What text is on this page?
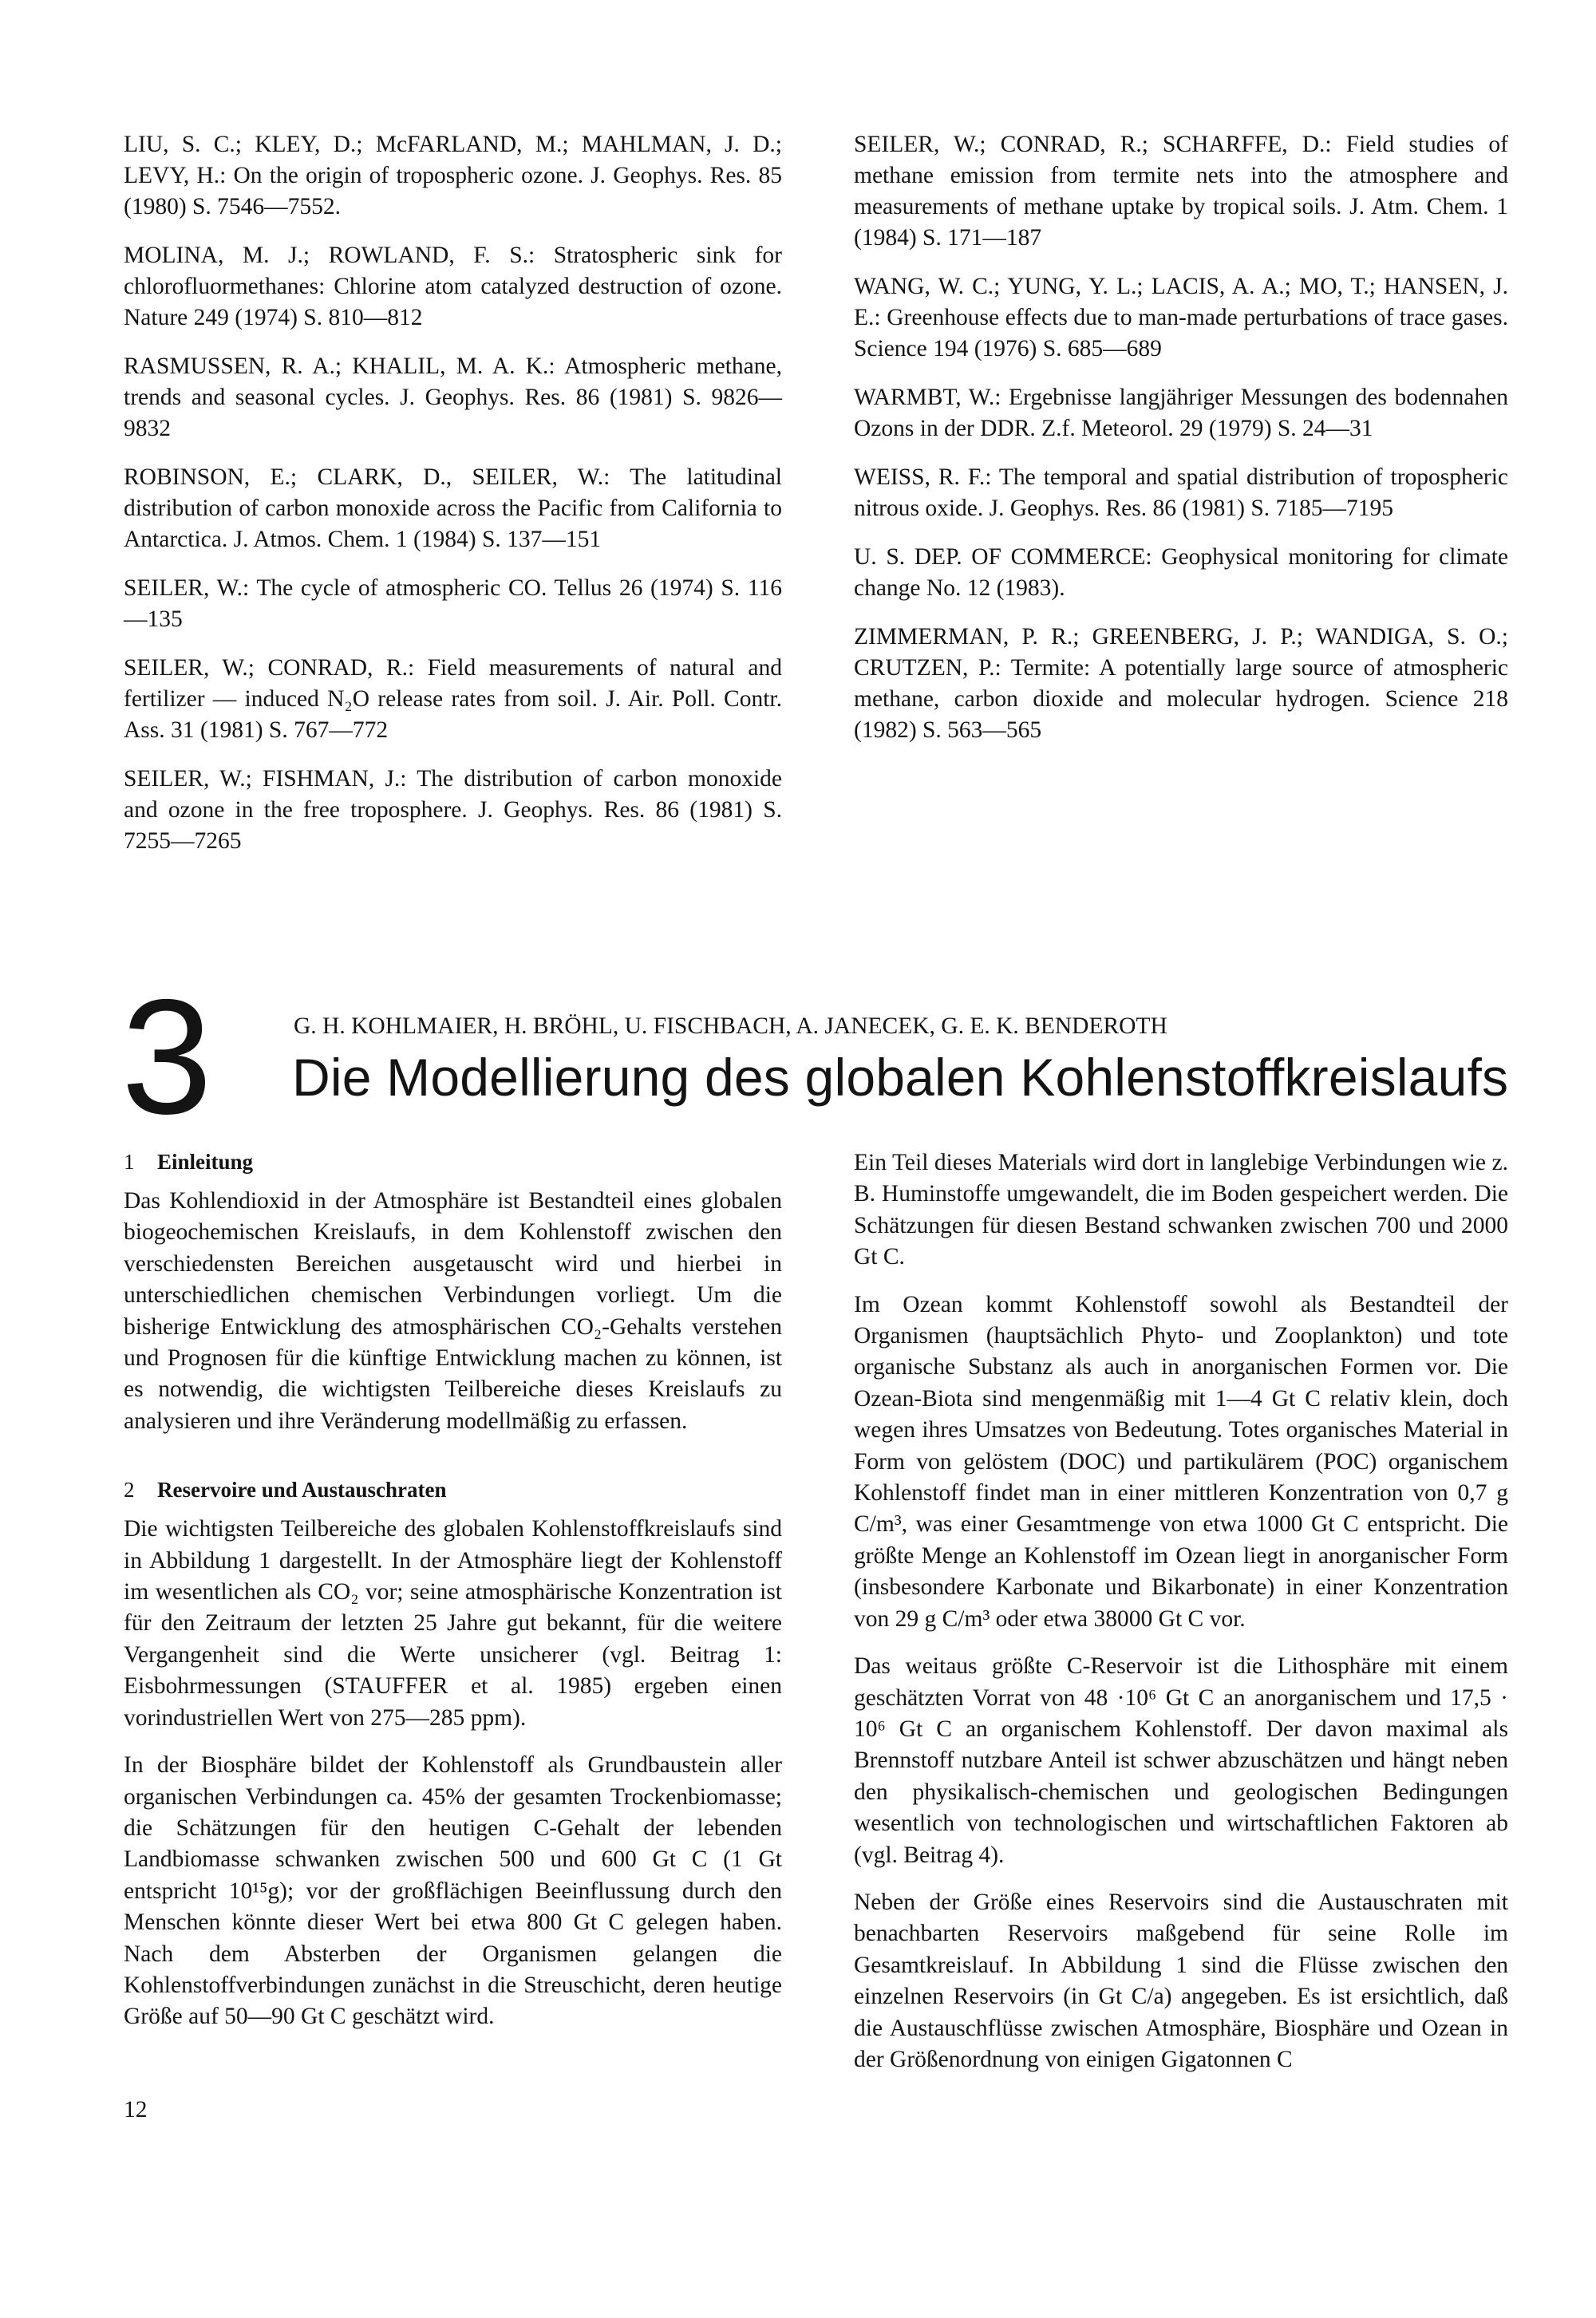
LIU, S. C.; KLEY, D.; McFARLAND, M.; MAHLMAN, J. D.; LEVY, H.: On the origin of tropospheric ozone. J. Geophys. Res. 85 (1980) S. 7546—7552.

MOLINA, M. J.; ROWLAND, F. S.: Stratospheric sink for chlorofluormethanes: Chlorine atom catalyzed destruction of ozone. Nature 249 (1974) S. 810—812

RASMUSSEN, R. A.; KHALIL, M. A. K.: Atmospheric methane, trends and seasonal cycles. J. Geophys. Res. 86 (1981) S. 9826—9832

ROBINSON, E.; CLARK, D., SEILER, W.: The latitudinal distribution of carbon monoxide across the Pacific from California to Antarctica. J. Atmos. Chem. 1 (1984) S. 137—151

SEILER, W.: The cycle of atmospheric CO. Tellus 26 (1974) S. 116—135

SEILER, W.; CONRAD, R.: Field measurements of natural and fertilizer — induced N₂O release rates from soil. J. Air. Poll. Contr. Ass. 31 (1981) S. 767—772

SEILER, W.; FISHMAN, J.: The distribution of carbon monoxide and ozone in the free troposphere. J. Geophys. Res. 86 (1981) S. 7255—7265

SEILER, W.; CONRAD, R.; SCHARFFE, D.: Field studies of methane emission from termite nets into the atmosphere and measurements of methane uptake by tropical soils. J. Atm. Chem. 1 (1984) S. 171—187

WANG, W. C.; YUNG, Y. L.; LACIS, A. A.; MO, T.; HANSEN, J. E.: Greenhouse effects due to man-made perturbations of trace gases. Science 194 (1976) S. 685—689

WARMBT, W.: Ergebnisse langjähriger Messungen des bodennahen Ozons in der DDR. Z.f. Meteorol. 29 (1979) S. 24—31

WEISS, R. F.: The temporal and spatial distribution of tropospheric nitrous oxide. J. Geophys. Res. 86 (1981) S. 7185—7195

U. S. DEP. OF COMMERCE: Geophysical monitoring for climate change No. 12 (1983).

ZIMMERMAN, P. R.; GREENBERG, J. P.; WANDIGA, S. O.; CRUTZEN, P.: Termite: A potentially large source of atmospheric methane, carbon dioxide and molecular hydrogen. Science 218 (1982) S. 563—565

3	G. H. KOHLMAIER, H. BRÖHL, U. FISCHBACH, A. JANECEK, G. E. K. BENDEROTH
Die Modellierung des globalen Kohlenstoffkreislaufs
1 Einleitung

Das Kohlendioxid in der Atmosphäre ist Bestandteil eines globalen biogeochemischen Kreislaufs, in dem Kohlenstoff zwischen den verschiedensten Bereichen ausgetauscht wird und hierbei in unterschiedlichen chemischen Verbindungen vorliegt. Um die bisherige Entwicklung des atmosphärischen CO₂-Gehalts verstehen und Prognosen für die künftige Entwicklung machen zu können, ist es notwendig, die wichtigsten Teilbereiche dieses Kreislaufs zu analysieren und ihre Veränderung modellmäßig zu erfassen.

2 Reservoire und Austauschraten

Die wichtigsten Teilbereiche des globalen Kohlenstoffkreislaufs sind in Abbildung 1 dargestellt. In der Atmosphäre liegt der Kohlenstoff im wesentlichen als CO₂ vor; seine atmosphärische Konzentration ist für den Zeitraum der letzten 25 Jahre gut bekannt, für die weitere Vergangenheit sind die Werte unsicherer (vgl. Beitrag 1: Eisbohrmessungen (STAUFFER et al. 1985) ergeben einen vorindustriellen Wert von 275—285 ppm).

In der Biosphäre bildet der Kohlenstoff als Grundbaustein aller organischen Verbindungen ca. 45% der gesamten Trockenbiomasse; die Schätzungen für den heutigen C-Gehalt der lebenden Landbiomasse schwanken zwischen 500 und 600 Gt C (1 Gt entspricht 10¹⁵g); vor der großflächigen Beeinflussung durch den Menschen könnte dieser Wert bei etwa 800 Gt C gelegen haben. Nach dem Absterben der Organismen gelangen die Kohlenstoffverbindungen zunächst in die Streuschicht, deren heutige Größe auf 50—90 Gt C geschätzt wird.

Ein Teil dieses Materials wird dort in langlebige Verbindungen wie z. B. Huminstoffe umgewandelt, die im Boden gespeichert werden. Die Schätzungen für diesen Bestand schwanken zwischen 700 und 2000 Gt C.

Im Ozean kommt Kohlenstoff sowohl als Bestandteil der Organismen (hauptsächlich Phyto- und Zooplankton) und tote organische Substanz als auch in anorganischen Formen vor. Die Ozean-Biota sind mengenmäßig mit 1—4 Gt C relativ klein, doch wegen ihres Umsatzes von Bedeutung. Totes organisches Material in Form von gelöstem (DOC) und partikulärem (POC) organischem Kohlenstoff findet man in einer mittleren Konzentration von 0,7 g C/m³, was einer Gesamtmenge von etwa 1000 Gt C entspricht. Die größte Menge an Kohlenstoff im Ozean liegt in anorganischer Form (insbesondere Karbonate und Bikarbonate) in einer Konzentration von 29 g C/m³ oder etwa 38000 Gt C vor.

Das weitaus größte C-Reservoir ist die Lithosphäre mit einem geschätzten Vorrat von 48 ·10⁶ Gt C an anorganischem und 17,5 · 10⁶ Gt C an organischem Kohlenstoff. Der davon maximal als Brennstoff nutzbare Anteil ist schwer abzuschätzen und hängt neben den physikalisch-chemischen und geologischen Bedingungen wesentlich von technologischen und wirtschaftlichen Faktoren ab (vgl. Beitrag 4).

Neben der Größe eines Reservoirs sind die Austauschraten mit benachbarten Reservoirs maßgebend für seine Rolle im Gesamtkreislauf. In Abbildung 1 sind die Flüsse zwischen den einzelnen Reservoirs (in Gt C/a) angegeben. Es ist ersichtlich, daß die Austauschflüsse zwischen Atmosphäre, Biosphäre und Ozean in der Größenordnung von einigen Gigatonnen C

12
